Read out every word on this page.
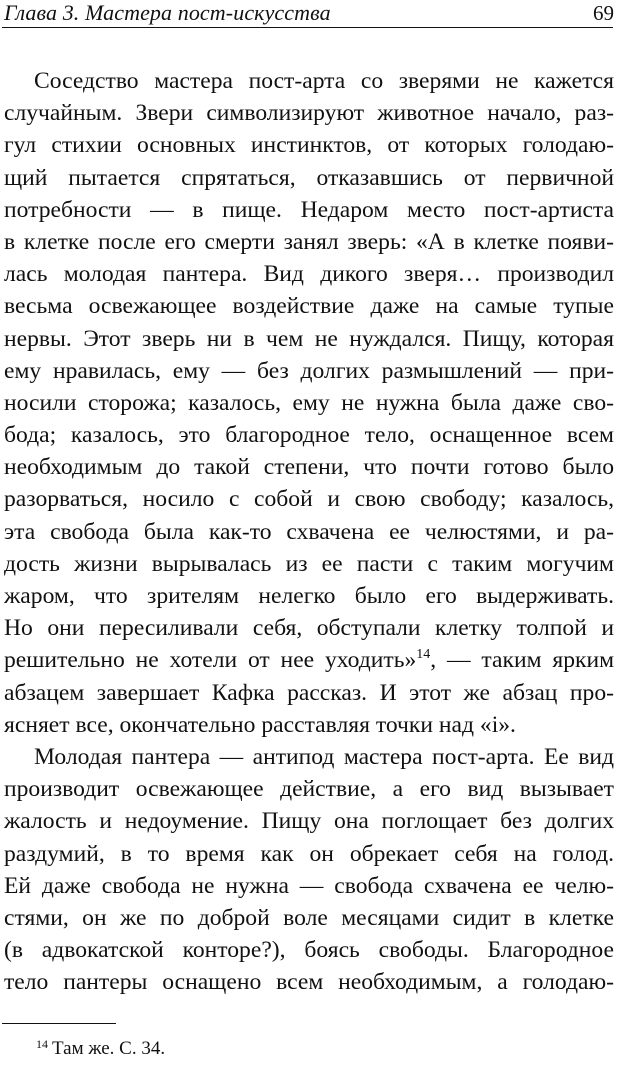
Глава 3. Мастера пост-искусства	69
Соседство мастера пост-арта со зверями не кажется
случайным. Звери символизируют животное начало, раз-
гул стихии основных инстинктов, от которых голодаю-
щий пытается спрятаться, отказавшись от первичной
потребности — в пище. Недаром место пост-артиста
в клетке после его смерти занял зверь: «А в клетке появи-
лась молодая пантера. Вид дикого зверя… производил
весьма освежающее воздействие даже на самые тупые
нервы. Этот зверь ни в чем не нуждался. Пищу, которая
ему нравилась, ему — без долгих размышлений — при-
носили сторожа; казалось, ему не нужна была даже сво-
бода; казалось, это благородное тело, оснащенное всем
необходимым до такой степени, что почти готово было
разорваться, носило с собой и свою свободу; казалось,
эта свобода была как-то схвачена ее челюстями, и ра-
дость жизни вырывалась из ее пасти с таким могучим
жаром, что зрителям нелегко было его выдерживать.
Но они пересиливали себя, обступали клетку толпой и
решительно не хотели от нее уходить»$^{14}$, — таким ярким
абзацем завершает Кафка рассказ. И этот же абзац про-
ясняет все, окончательно расставляя точки над «i».
Молодая пантера — антипод мастера пост-арта. Ее вид
производит освежающее действие, а его вид вызывает
жалость и недоумение. Пищу она поглощает без долгих
раздумий, в то время как он обрекает себя на голод.
Ей даже свобода не нужна — свобода схвачена ее челю-
стями, он же по доброй воле месяцами сидит в клетке
(в адвокатской конторе?), боясь свободы. Благородное
тело пантеры оснащено всем необходимым, а голодаю-
$^{14}$ Там же. С. 34.
